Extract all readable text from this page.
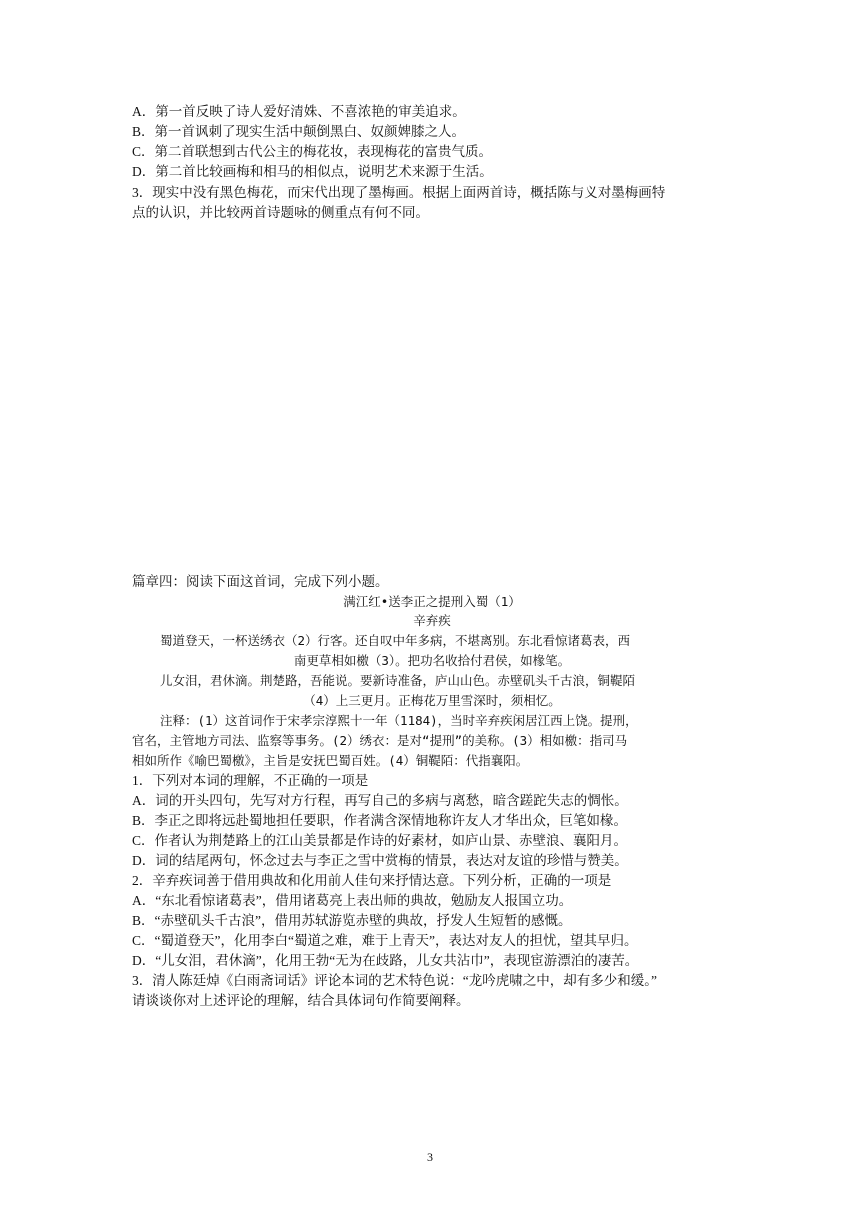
A．第一首反映了诗人爱好清姝、不喜浓艳的审美追求。
B．第一首讽刺了现实生活中颠倒黑白、奴颜婢膝之人。
C．第二首联想到古代公主的梅花妆，表现梅花的富贵气质。
D．第二首比较画梅和相马的相似点，说明艺术来源于生活。
3．现实中没有黑色梅花，而宋代出现了墨梅画。根据上面两首诗，概括陈与义对墨梅画特
点的认识，并比较两首诗题咏的侧重点有何不同。
篇章四：阅读下面这首词，完成下列小题。
满江红•送李正之提刑入蜀（1）
辛弃疾
蜀道登天，一杯送绣衣（2）行客。还自叹中年多病，不堪离别。东北看惊诸葛表，西
南更草相如檄（3）。把功名收拾付君侯，如椽笔。
儿女泪，君休滴。荆楚路，吾能说。要新诗准备，庐山山色。赤壁矶头千古浪，铜鞮陌
（4）上三更月。正梅花万里雪深时，须相忆。
注释：(1）这首词作于宋孝宗淳熙十一年（1184)，当时辛弃疾闲居江西上饶。提刑，
官名，主管地方司法、监察等事务。(2）绣衣：是对“提刑”的美称。(3）相如檄：指司马
相如所作《喻巴蜀檄》，主旨是安抚巴蜀百姓。(4）铜鞮陌：代指襄阳。
1．下列对本词的理解，不正确的一项是
A．词的开头四句，先写对方行程，再写自己的多病与离愁，暗含蹉跎失志的惆怅。
B．李正之即将远赴蜀地担任要职，作者满含深情地称许友人才华出众，巨笔如椽。
C．作者认为荆楚路上的江山美景都是作诗的好素材，如庐山景、赤壁浪、襄阳月。
D．词的结尾两句，怀念过去与李正之雪中赏梅的情景，表达对友谊的珍惜与赞美。
2．辛弃疾词善于借用典故和化用前人佳句来抒情达意。下列分析，正确的一项是
A．“东北看惊诸葛表”，借用诸葛亮上表出师的典故，勉励友人报国立功。
B．“赤壁矶头千古浪”，借用苏轼游览赤壁的典故，抒发人生短暂的感慨。
C．“蜀道登天”，化用李白“蜀道之难，难于上青天”，表达对友人的担忧，望其早归。
D．“儿女泪，君休滴”，化用王勃“无为在歧路，儿女共沾巾”，表现宦游漂泊的凄苦。
3．清人陈廷焯《白雨斋词话》评论本词的艺术特色说：“龙吟虎啸之中，却有多少和缓。”
请谈谈你对上述评论的理解，结合具体词句作简要阐释。
3
